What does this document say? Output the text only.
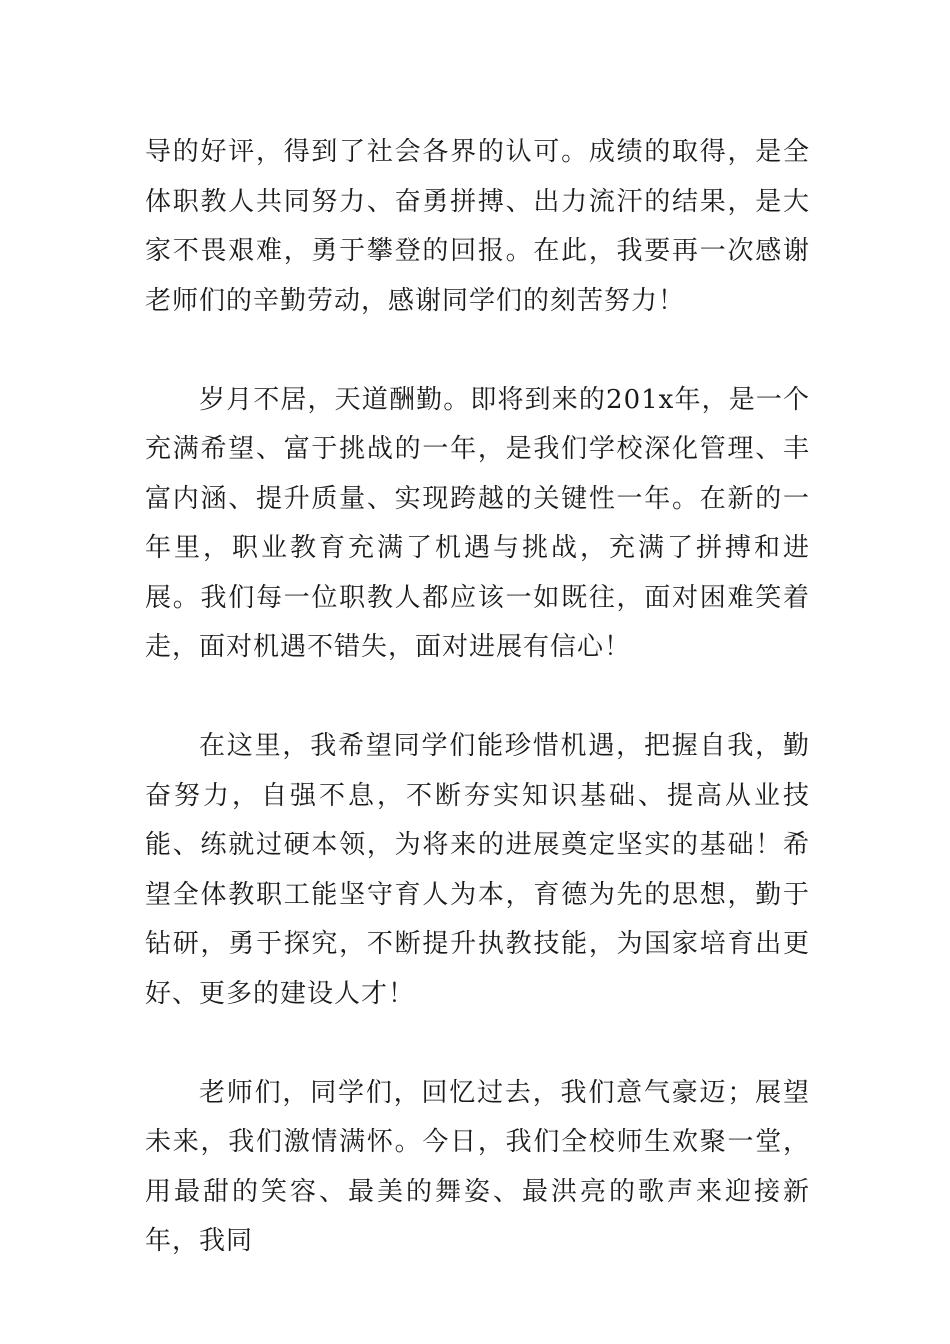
导的好评，得到了社会各界的认可。成绩的取得，是全体职教人共同努力、奋勇拼搏、出力流汗的结果，是大家不畏艰难，勇于攀登的回报。在此，我要再一次感谢老师们的辛勤劳动，感谢同学们的刻苦努力！

岁月不居，天道酬勤。即将到来的201x年，是一个充满希望、富于挑战的一年，是我们学校深化管理、丰富内涵、提升质量、实现跨越的关键性一年。在新的一年里，职业教育充满了机遇与挑战，充满了拼搏和进展。我们每一位职教人都应该一如既往，面对困难笑着走，面对机遇不错失，面对进展有信心！

在这里，我希望同学们能珍惜机遇，把握自我，勤奋努力，自强不息，不断夯实知识基础、提高从业技能、练就过硬本领，为将来的进展奠定坚实的基础！希望全体教职工能坚守育人为本，育德为先的思想，勤于钻研，勇于探究，不断提升执教技能，为国家培育出更好、更多的建设人才！

老师们，同学们，回忆过去，我们意气豪迈；展望未来，我们激情满怀。今日，我们全校师生欢聚一堂，用最甜的笑容、最美的舞姿、最洪亮的歌声来迎接新年，我同
